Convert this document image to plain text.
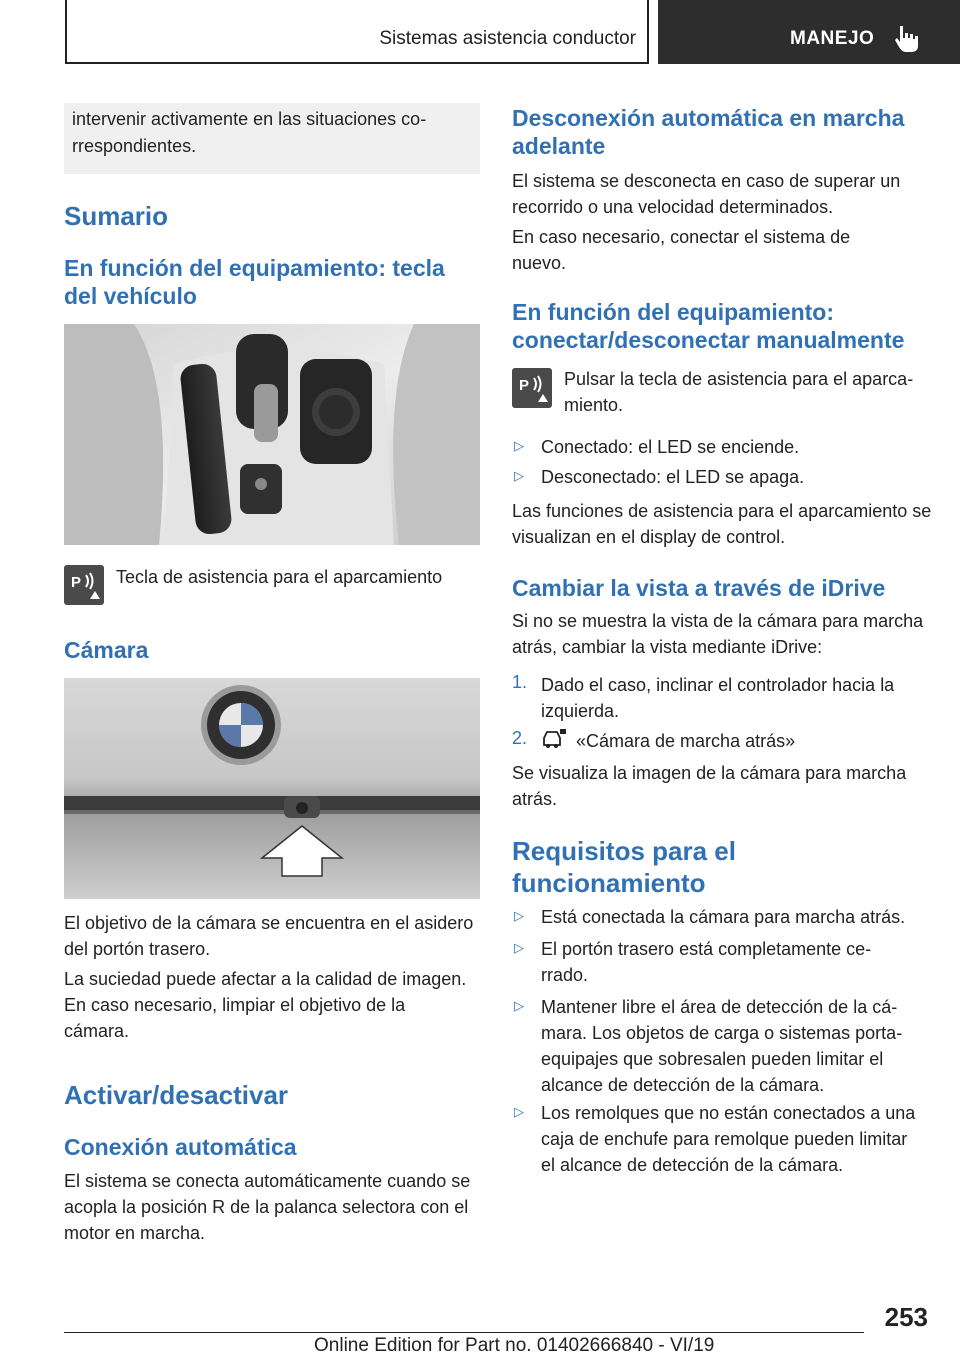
Sistemas asistencia conductor	MANEJO
intervenir activamente en las situaciones correspondientes.
Sumario
En función del equipamiento: tecla del vehículo
P Tecla de asistencia para el aparcamiento
Cámara
El objetivo de la cámara se encuentra en el asidero del portón trasero.
La suciedad puede afectar a la calidad de imagen. En caso necesario, limpiar el objetivo de la cámara.
Activar/desactivar
Conexión automática
El sistema se conecta automáticamente cuando se acopla la posición R de la palanca selectora con el motor en marcha.
Desconexión automática en marcha adelante
El sistema se desconecta en caso de superar un recorrido o una velocidad determinados.
En caso necesario, conectar el sistema de nuevo.
En función del equipamiento: conectar/desconectar manualmente
P Pulsar la tecla de asistencia para el aparcamiento.
▷ Conectado: el LED se enciende.
▷ Desconectado: el LED se apaga.
Las funciones de asistencia para el aparcamiento se visualizan en el display de control.
Cambiar la vista a través de iDrive
Si no se muestra la vista de la cámara para marcha atrás, cambiar la vista mediante iDrive:
1. Dado el caso, inclinar el controlador hacia la izquierda.
2.	«Cámara de marcha atrás»
Se visualiza la imagen de la cámara para marcha atrás.
Requisitos para el funcionamiento
▷ Está conectada la cámara para marcha atrás.
▷ El portón trasero está completamente cerrado.
▷ Mantener libre el área de detección de la cámara. Los objetos de carga o sistemas portaequipajes que sobresalen pueden limitar el alcance de detección de la cámara.
▷ Los remolques que no están conectados a una caja de enchufe para remolque pueden limitar el alcance de detección de la cámara.
253
Online Edition for Part no. 01402666840 - VI/19
